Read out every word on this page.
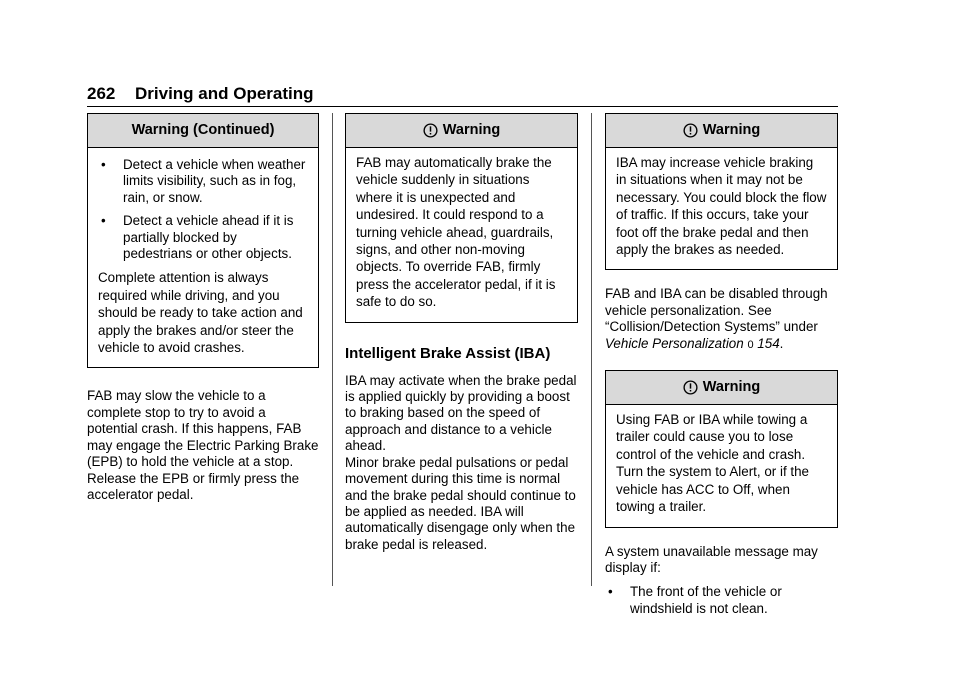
262 Driving and Operating
Warning (Continued)
•	Detect a vehicle when weather limits visibility, such as in fog, rain, or snow.
•	Detect a vehicle ahead if it is partially blocked by pedestrians or other objects.

Complete attention is always required while driving, and you should be ready to take action and apply the brakes and/or steer the vehicle to avoid crashes.

FAB may slow the vehicle to a complete stop to try to avoid a potential crash. If this happens, FAB may engage the Electric Parking Brake (EPB) to hold the vehicle at a stop. Release the EPB or firmly press the accelerator pedal.

Warning

FAB may automatically brake the vehicle suddenly in situations where it is unexpected and undesired. It could respond to a turning vehicle ahead, guardrails, signs, and other non-moving objects. To override FAB, firmly press the accelerator pedal, if it is safe to do so.

Intelligent Brake Assist (IBA)

IBA may activate when the brake pedal is applied quickly by providing a boost to braking based on the speed of approach and distance to a vehicle ahead.

Minor brake pedal pulsations or pedal movement during this time is normal and the brake pedal should continue to be applied as needed. IBA will automatically disengage only when the brake pedal is released.

Warning

IBA may increase vehicle braking in situations when it may not be necessary. You could block the flow of traffic. If this occurs, take your foot off the brake pedal and then apply the brakes as needed.

FAB and IBA can be disabled through vehicle personalization. See “Collision/Detection Systems” under Vehicle Personalization 0 154.

Warning

Using FAB or IBA while towing a trailer could cause you to lose control of the vehicle and crash. Turn the system to Alert, or if the vehicle has ACC to Off, when towing a trailer.

A system unavailable message may display if:

•	The front of the vehicle or windshield is not clean.
